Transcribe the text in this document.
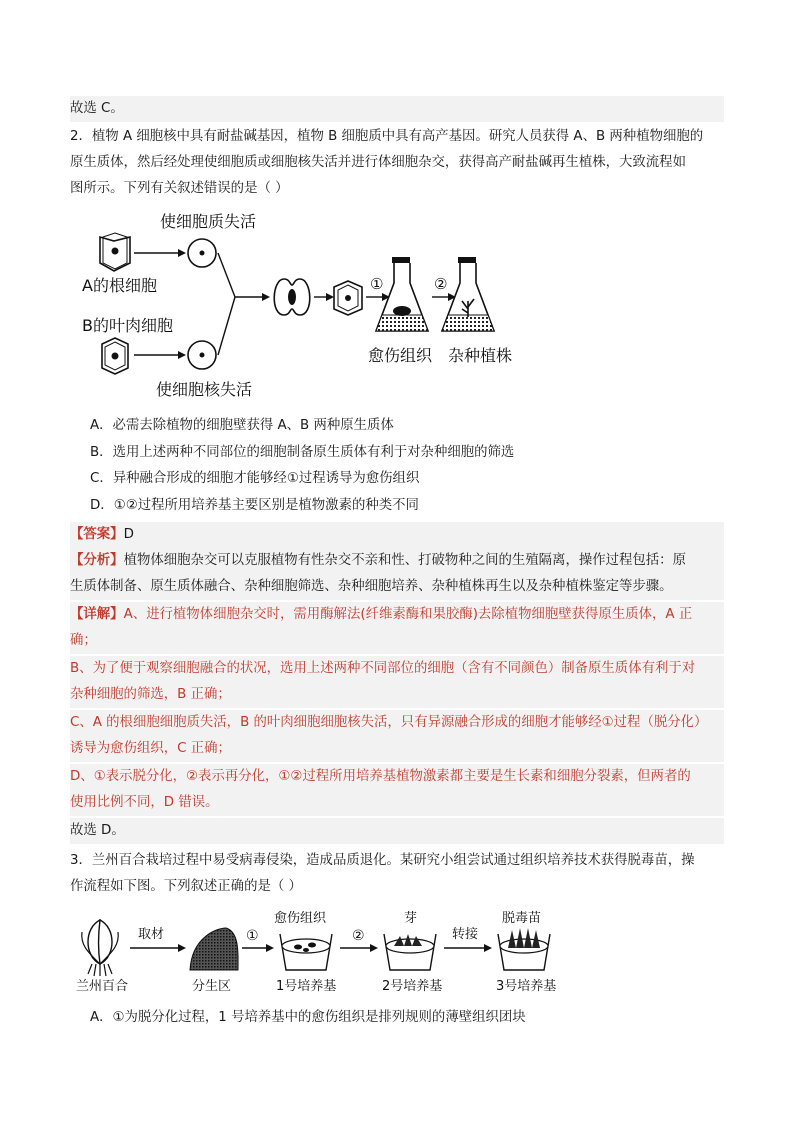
故选 C。
2．植物 A 细胞核中具有耐盐碱基因，植物 B 细胞质中具有高产基因。研究人员获得 A、B 两种植物细胞的
原生质体，然后经处理使细胞质或细胞核失活并进行体细胞杂交，获得高产耐盐碱再生植株，大致流程如
图所示。下列有关叙述错误的是（ ）
使细胞质失活
A的根细胞
B的叶肉细胞
使细胞核失活
①	②
愈伤组织 杂种植株
A．必需去除植物的细胞壁获得 A、B 两种原生质体
B．选用上述两种不同部位的细胞制备原生质体有利于对杂种细胞的筛选
C．异种融合形成的细胞才能够经①过程诱导为愈伤组织
D．①②过程所用培养基主要区别是植物激素的种类不同
【答案】D
【分析】植物体细胞杂交可以克服植物有性杂交不亲和性、打破物种之间的生殖隔离，操作过程包括：原
生质体制备、原生质体融合、杂种细胞筛选、杂种细胞培养、杂种植株再生以及杂种植株鉴定等步骤。
【详解】A、进行植物体细胞杂交时，需用酶解法(纤维素酶和果胶酶)去除植物细胞壁获得原生质体，A 正
确；
B、为了便于观察细胞融合的状况，选用上述两种不同部位的细胞（含有不同颜色）制备原生质体有利于对
杂种细胞的筛选，B 正确；
C、A 的根细胞细胞质失活，B 的叶肉细胞细胞核失活，只有异源融合形成的细胞才能够经①过程（脱分化）
诱导为愈伤组织，C 正确；
D、①表示脱分化，②表示再分化，①②过程所用培养基植物激素都主要是生长素和细胞分裂素，但两者的
使用比例不同，D 错误。
故选 D。
3．兰州百合栽培过程中易受病毒侵染，造成品质退化。某研究小组尝试通过组织培养技术获得脱毒苗，操
作流程如下图。下列叙述正确的是（ ）
兰州百合
取材
分生区
①
愈伤组织
1号培养基
②
芽
2号培养基
转接
脱毒苗
3号培养基
A．①为脱分化过程，1 号培养基中的愈伤组织是排列规则的薄壁组织团块
